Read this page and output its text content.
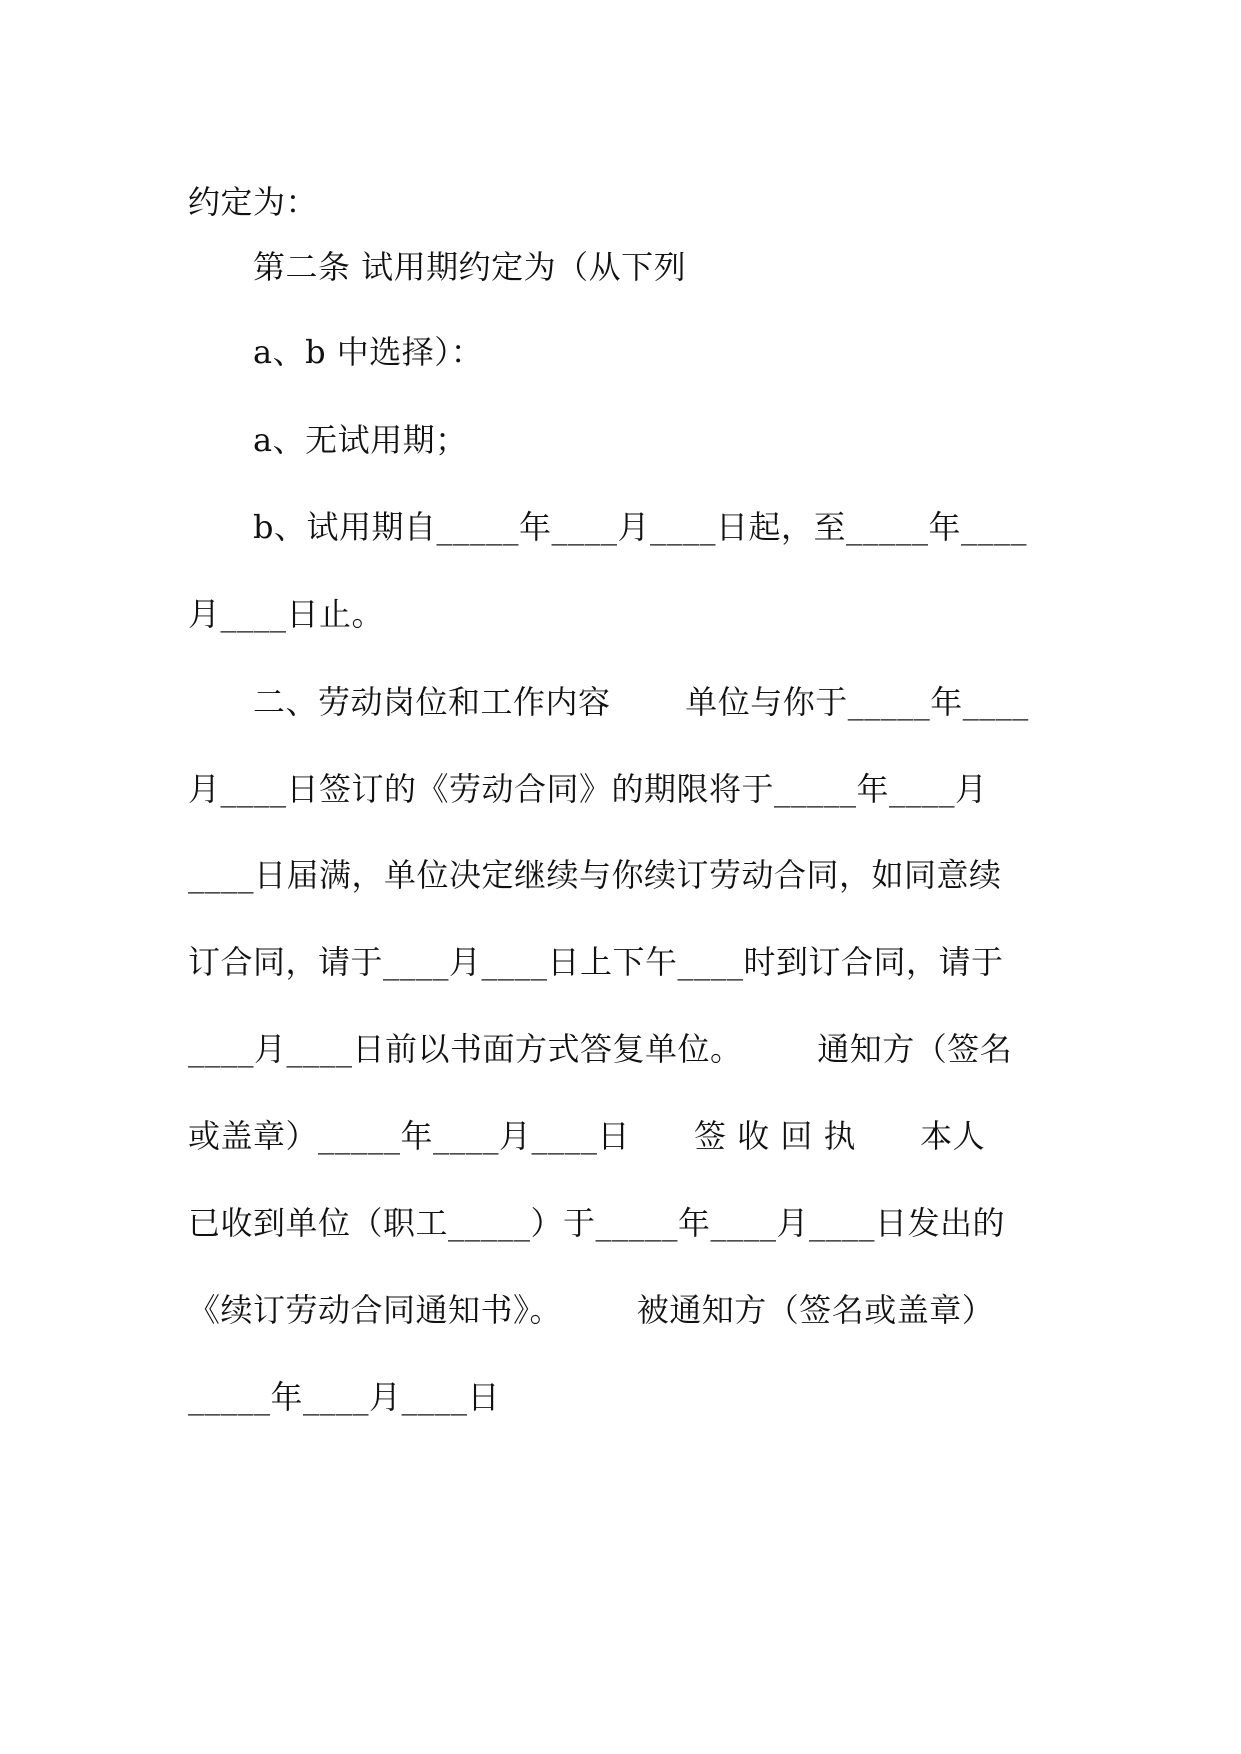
约定为：
第二条 试用期约定为（从下列
a、b 中选择）：
a、无试用期；
b、试用期自_____年____月____日起，至_____年____
月____日止。
二、劳动岗位和工作内容       单位与你于_____年____
月____日签订的《劳动合同》的期限将于_____年____月
____日届满，单位决定继续与你续订劳动合同，如同意续
订合同，请于____月____日上下午____时到订合同，请于
____月____日前以书面方式答复单位。       通知方（签名
或盖章）_____年____月____日      签 收 回 执      本人
已收到单位（职工_____）于_____年____月____日发出的
《续订劳动合同通知书》。       被通知方（签名或盖章）
_____年____月____日
